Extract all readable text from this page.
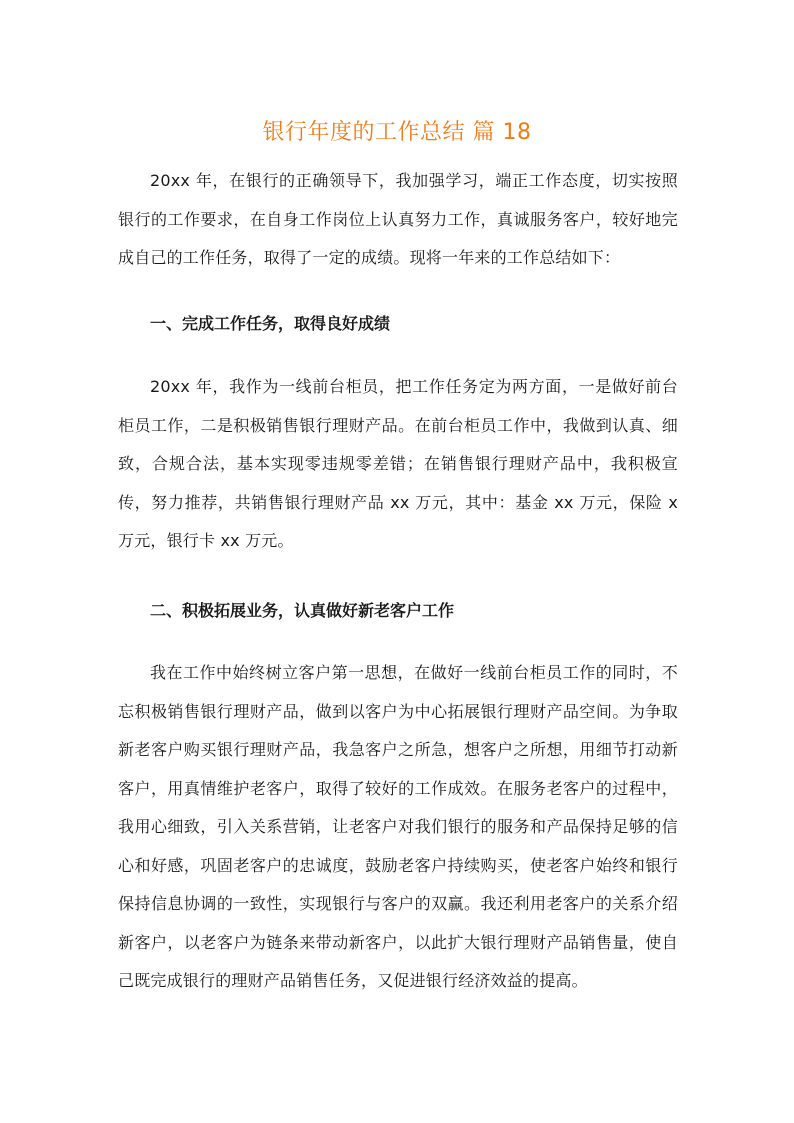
银行年度的工作总结 篇 18

20xx 年，在银行的正确领导下，我加强学习，端正工作态度，切实按照银行的工作要求，在自身工作岗位上认真努力工作，真诚服务客户，较好地完成自己的工作任务，取得了一定的成绩。现将一年来的工作总结如下：

一、完成工作任务，取得良好成绩

20xx 年，我作为一线前台柜员，把工作任务定为两方面，一是做好前台柜员工作，二是积极销售银行理财产品。在前台柜员工作中，我做到认真、细致，合规合法，基本实现零违规零差错；在销售银行理财产品中，我积极宣传，努力推荐，共销售银行理财产品 xx 万元，其中：基金 xx 万元，保险 x 万元，银行卡 xx 万元。

二、积极拓展业务，认真做好新老客户工作

我在工作中始终树立客户第一思想，在做好一线前台柜员工作的同时，不忘积极销售银行理财产品，做到以客户为中心拓展银行理财产品空间。为争取新老客户购买银行理财产品，我急客户之所急，想客户之所想，用细节打动新客户，用真情维护老客户，取得了较好的工作成效。在服务老客户的过程中，我用心细致，引入关系营销，让老客户对我们银行的服务和产品保持足够的信心和好感，巩固老客户的忠诚度，鼓励老客户持续购买，使老客户始终和银行保持信息协调的一致性，实现银行与客户的双赢。我还利用老客户的关系介绍新客户，以老客户为链条来带动新客户，以此扩大银行理财产品销售量，使自己既完成银行的理财产品销售任务，又促进银行经济效益的提高。
